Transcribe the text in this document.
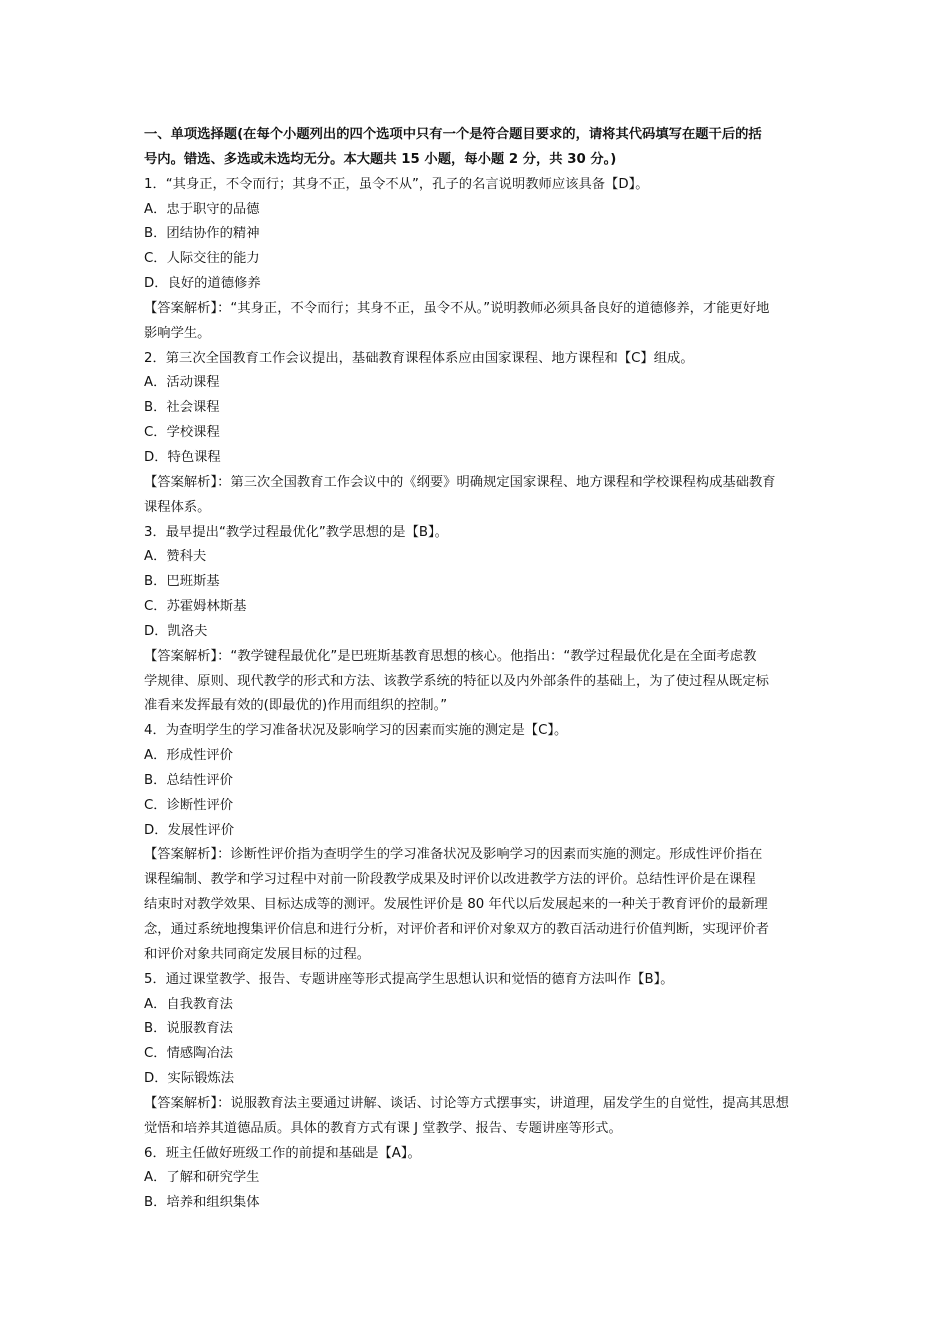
一、单项选择题(在每个小题列出的四个选项中只有一个是符合题目要求的，请将其代码填写在题干后的括
号内。错选、多选或未选均无分。本大题共 15 小题，每小题 2 分，共 30 分。)
1．“其身正，不令而行；其身不正，虽令不从”，孔子的名言说明教师应该具备【D】。
A．忠于职守的品德
B．团结协作的精神
C．人际交往的能力
D．良好的道德修养
【答案解析】：“其身正，不令而行；其身不正，虽令不从。”说明教师必须具备良好的道德修养，才能更好地
影响学生。
2．第三次全国教育工作会议提出，基础教育课程体系应由国家课程、地方课程和【C】组成。
A．活动课程
B．社会课程
C．学校课程
D．特色课程
【答案解析】：第三次全国教育工作会议中的《纲要》明确规定国家课程、地方课程和学校课程构成基础教育
课程体系。
3．最早提出“教学过程最优化”教学思想的是【B】。
A．赞科夫
B．巴班斯基
C．苏霍姆林斯基
D．凯洛夫
【答案解析】：“教学键程最优化”是巴班斯基教育思想的核心。他指出：“教学过程最优化是在全面考虑教
学规律、原则、现代教学的形式和方法、该教学系统的特征以及内外部条件的基础上，为了使过程从既定标
准看来发挥最有效的(即最优的)作用而组织的控制。”
4．为查明学生的学习准备状况及影响学习的因素而实施的测定是【C】。
A．形成性评价
B．总结性评价
C．诊断性评价
D．发展性评价
【答案解析】：诊断性评价指为查明学生的学习准备状况及影响学习的因素而实施的测定。形成性评价指在
课程编制、教学和学习过程中对前一阶段教学成果及时评价以改进教学方法的评价。总结性评价是在课程
结束时对教学效果、目标达成等的测评。发展性评价是 80 年代以后发展起来的一种关于教育评价的最新理
念，通过系统地搜集评价信息和进行分析，对评价者和评价对象双方的教百活动进行价值判断，实现评价者
和评价对象共同商定发展目标的过程。
5．通过课堂教学、报告、专题讲座等形式提高学生思想认识和觉悟的德育方法叫作【B】。
A．自我教育法
B．说服教育法
C．情感陶冶法
D．实际锻炼法
【答案解析】：说服教育法主要通过讲解、谈话、讨论等方式摆事实，讲道理，届发学生的自觉性，提高其思想
觉悟和培养其道德品质。具体的教育方式有课 J 堂教学、报告、专题讲座等形式。
6．班主任做好班级工作的前提和基础是【A】。
A．了解和研究学生
B．培养和组织集体
